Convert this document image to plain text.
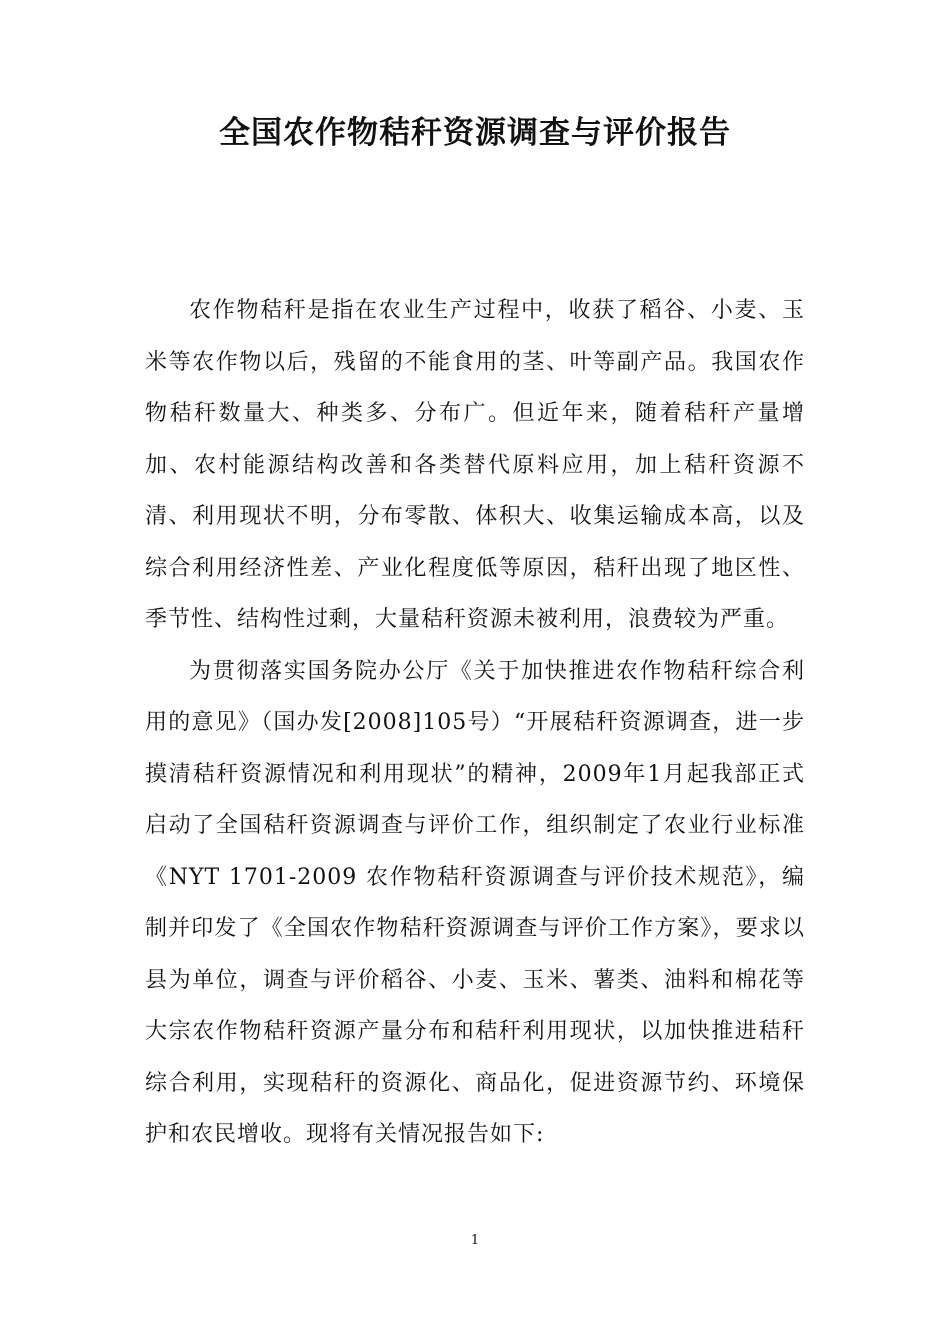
全国农作物秸秆资源调查与评价报告

农作物秸秆是指在农业生产过程中，收获了稻谷、小麦、玉米等农作物以后，残留的不能食用的茎、叶等副产品。我国农作物秸秆数量大、种类多、分布广。但近年来，随着秸秆产量增加、农村能源结构改善和各类替代原料应用，加上秸秆资源不清、利用现状不明，分布零散、体积大、收集运输成本高，以及综合利用经济性差、产业化程度低等原因，秸秆出现了地区性、季节性、结构性过剩，大量秸秆资源未被利用，浪费较为严重。

为贯彻落实国务院办公厅《关于加快推进农作物秸秆综合利用的意见》（国办发[2008]105号）“开展秸秆资源调查，进一步摸清秸秆资源情况和利用现状”的精神，2009年1月起我部正式启动了全国秸秆资源调查与评价工作，组织制定了农业行业标准《NYT 1701-2009 农作物秸秆资源调查与评价技术规范》，编制并印发了《全国农作物秸秆资源调查与评价工作方案》，要求以县为单位，调查与评价稻谷、小麦、玉米、薯类、油料和棉花等大宗农作物秸秆资源产量分布和秸秆利用现状，以加快推进秸秆综合利用，实现秸秆的资源化、商品化，促进资源节约、环境保护和农民增收。现将有关情况报告如下:

1
